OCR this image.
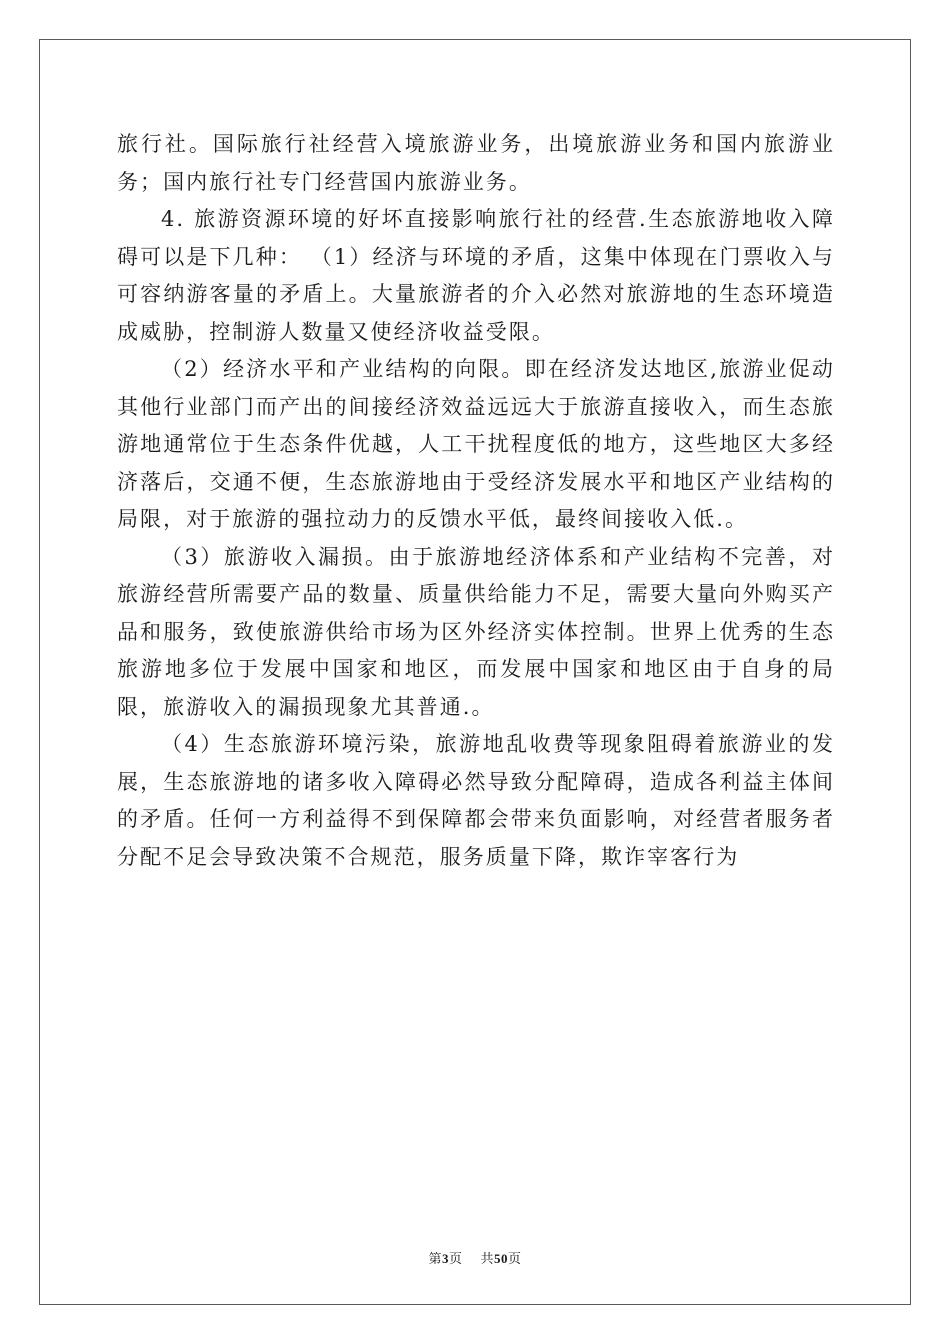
旅行社。国际旅行社经营入境旅游业务，出境旅游业务和国内旅游业务；国内旅行社专门经营国内旅游业务。

4. 旅游资源环境的好坏直接影响旅行社的经营.生态旅游地收入障碍可以是下几种： （1）经济与环境的矛盾，这集中体现在门票收入与可容纳游客量的矛盾上。大量旅游者的介入必然对旅游地的生态环境造成威胁，控制游人数量又使经济收益受限。

（2）经济水平和产业结构的向限。即在经济发达地区,旅游业促动其他行业部门而产出的间接经济效益远远大于旅游直接收入，而生态旅游地通常位于生态条件优越，人工干扰程度低的地方，这些地区大多经济落后，交通不便，生态旅游地由于受经济发展水平和地区产业结构的局限，对于旅游的强拉动力的反馈水平低，最终间接收入低.。

（3）旅游收入漏损。由于旅游地经济体系和产业结构不完善，对旅游经营所需要产品的数量、质量供给能力不足，需要大量向外购买产品和服务，致使旅游供给市场为区外经济实体控制。世界上优秀的生态旅游地多位于发展中国家和地区，而发展中国家和地区由于自身的局限，旅游收入的漏损现象尤其普通.。

（4）生态旅游环境污染，旅游地乱收费等现象阻碍着旅游业的发展，生态旅游地的诸多收入障碍必然导致分配障碍，造成各利益主体间的矛盾。任何一方利益得不到保障都会带来负面影响，对经营者服务者分配不足会导致决策不合规范，服务质量下降，欺诈宰客行为

第3页 共50页
